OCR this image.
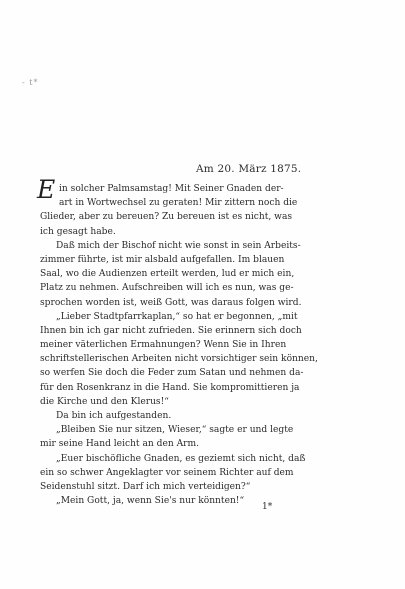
- t*
Am 20. März 1875.
E in solcher Palmsamstag! Mit Seiner Gnaden der-
art in Wortwechsel zu geraten! Mir zittern noch die
Glieder, aber zu bereuen? Zu bereuen ist es nicht, was
ich gesagt habe.
Daß mich der Bischof nicht wie sonst in sein Arbeits-
zimmer führte, ist mir alsbald aufgefallen. Im blauen
Saal, wo die Audienzen erteilt werden, lud er mich ein,
Platz zu nehmen. Aufschreiben will ich es nun, was ge-
sprochen worden ist, weiß Gott, was daraus folgen wird.
„Lieber Stadtpfarrkaplan,“ so hat er begonnen, „mit
Ihnen bin ich gar nicht zufrieden. Sie erinnern sich doch
meiner väterlichen Ermahnungen? Wenn Sie in Ihren
schriftstellerischen Arbeiten nicht vorsichtiger sein können,
so werfen Sie doch die Feder zum Satan und nehmen da-
für den Rosenkranz in die Hand. Sie kompromittieren ja
die Kirche und den Klerus!“
Da bin ich aufgestanden.
„Bleiben Sie nur sitzen, Wieser,“ sagte er und legte
mir seine Hand leicht an den Arm.
„Euer bischöfliche Gnaden, es geziemt sich nicht, daß
ein so schwer Angeklagter vor seinem Richter auf dem
Seidenstuhl sitzt. Darf ich mich verteidigen?“
„Mein Gott, ja, wenn Sie's nur könnten!“
1*
